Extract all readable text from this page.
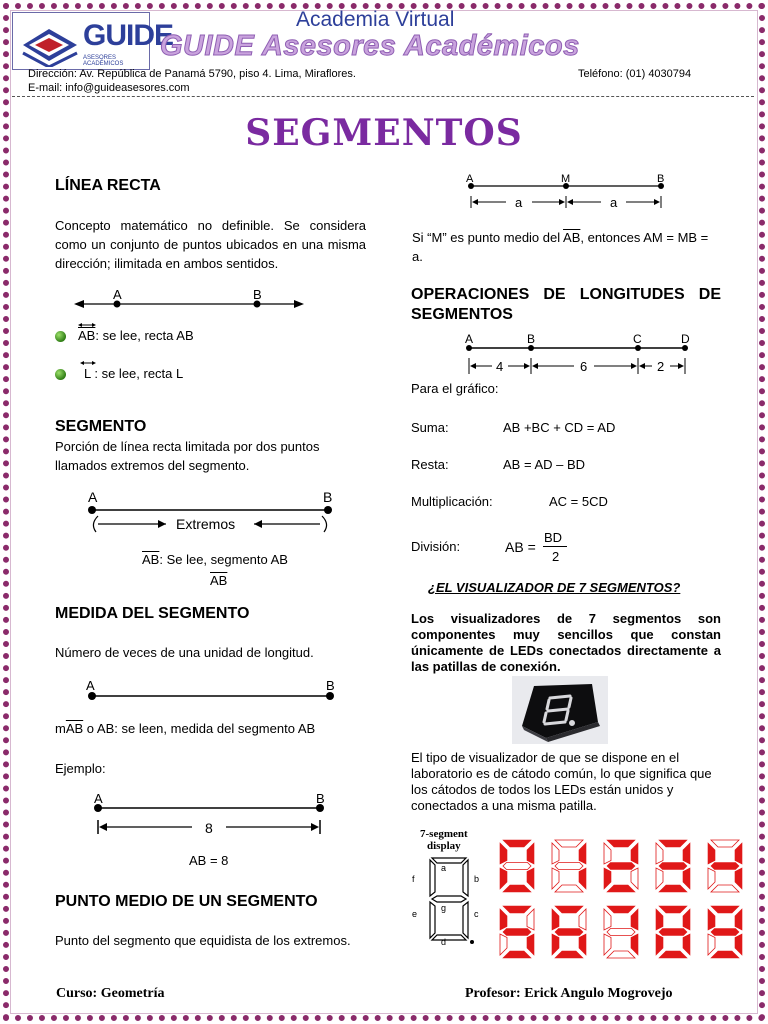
GUIDE
ASESORES ACADÉMICOS
Academia Virtual
GUIDE Asesores Académicos
Dirección: Av. República de Panamá 5790, piso 4. Lima, Miraflores.	Teléfono: (01) 4030794
E-mail: info@guideasesores.com
SEGMENTOS
LÍNEA RECTA
Concepto matemático no definible. Se considera como un conjunto de puntos ubicados en una misma dirección; ilimitada en ambos sentidos.
A	B
$\overline{AB}$: se lee, recta AB
L : se lee, recta L
SEGMENTO
Porción de línea recta limitada por dos puntos llamados extremos del segmento.
A	B
Extremos
$\overline{AB}$: Se lee, segmento AB
$\overline{AB}$
MEDIDA DEL SEGMENTO
Número de veces de una unidad de longitud.
A	B
$m\overline{AB}$ o AB: se leen, medida del segmento AB
Ejemplo:
A	B
8
AB = 8
PUNTO MEDIO DE UN SEGMENTO
Punto del segmento que equidista de los extremos.
A	M	B
a	a
Si “M” es punto medio del $\overline{AB}$, entonces AM = MB = a.
OPERACIONES DE LONGITUDES DE SEGMENTOS
A	B	C	D
4	6	2
Para el gráfico:
Suma:	AB +BC + CD = AD
Resta:	AB = AD – BD
Multiplicación:	AC = 5CD
División:	AB =
BD
2
¿EL VISUALIZADOR DE 7 SEGMENTOS?
Los visualizadores de 7 segmentos son componentes muy sencillos que constan únicamente de LEDs conectados directamente a las patillas de conexión.
El tipo de visualizador de que se dispone en el laboratorio es de cátodo común, lo que significa que los cátodos de todos los LEDs están unidos y conectados a una misma patilla.
7-segment
display
a
b
c
d
e
f
g
Curso: Geometría	Profesor: Erick Angulo Mogrovejo
